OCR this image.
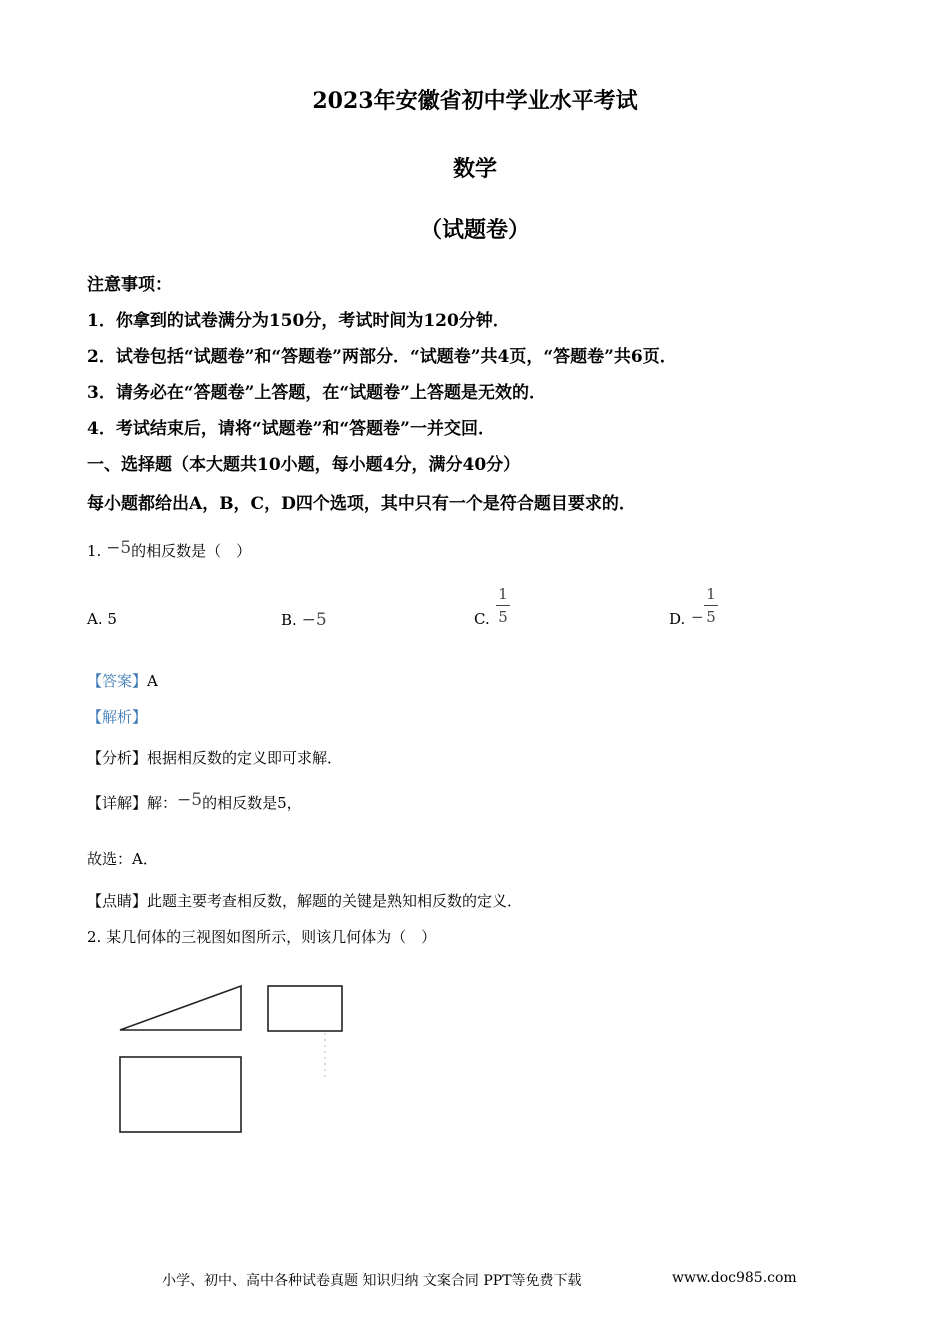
2023年安徽省初中学业水平考试
数学
（试题卷）
注意事项：
1．你拿到的试卷满分为150分，考试时间为120分钟．
2．试卷包括“试题卷”和“答题卷”两部分．“试题卷”共4页，“答题卷”共6页．
3．请务必在“答题卷”上答题，在“试题卷”上答题是无效的．
4．考试结束后，请将“试题卷”和“答题卷”一并交回．
一、选择题（本大题共10小题，每小题4分，满分40分）
每小题都给出A，B，C，D四个选项，其中只有一个是符合题目要求的．
1. −5的相反数是（　）
A. 5	B. −5	C.
1
5	D. −
1
5
【答案】A
【解析】
【分析】根据相反数的定义即可求解．
【详解】解：−5的相反数是5，
故选：A．
【点睛】此题主要考查相反数，解题的关键是熟知相反数的定义．
2. 某几何体的三视图如图所示，则该几何体为（　）
小学、初中、高中各种试卷真题 知识归纳 文案合同 PPT等免费下载	www.doc985.com
